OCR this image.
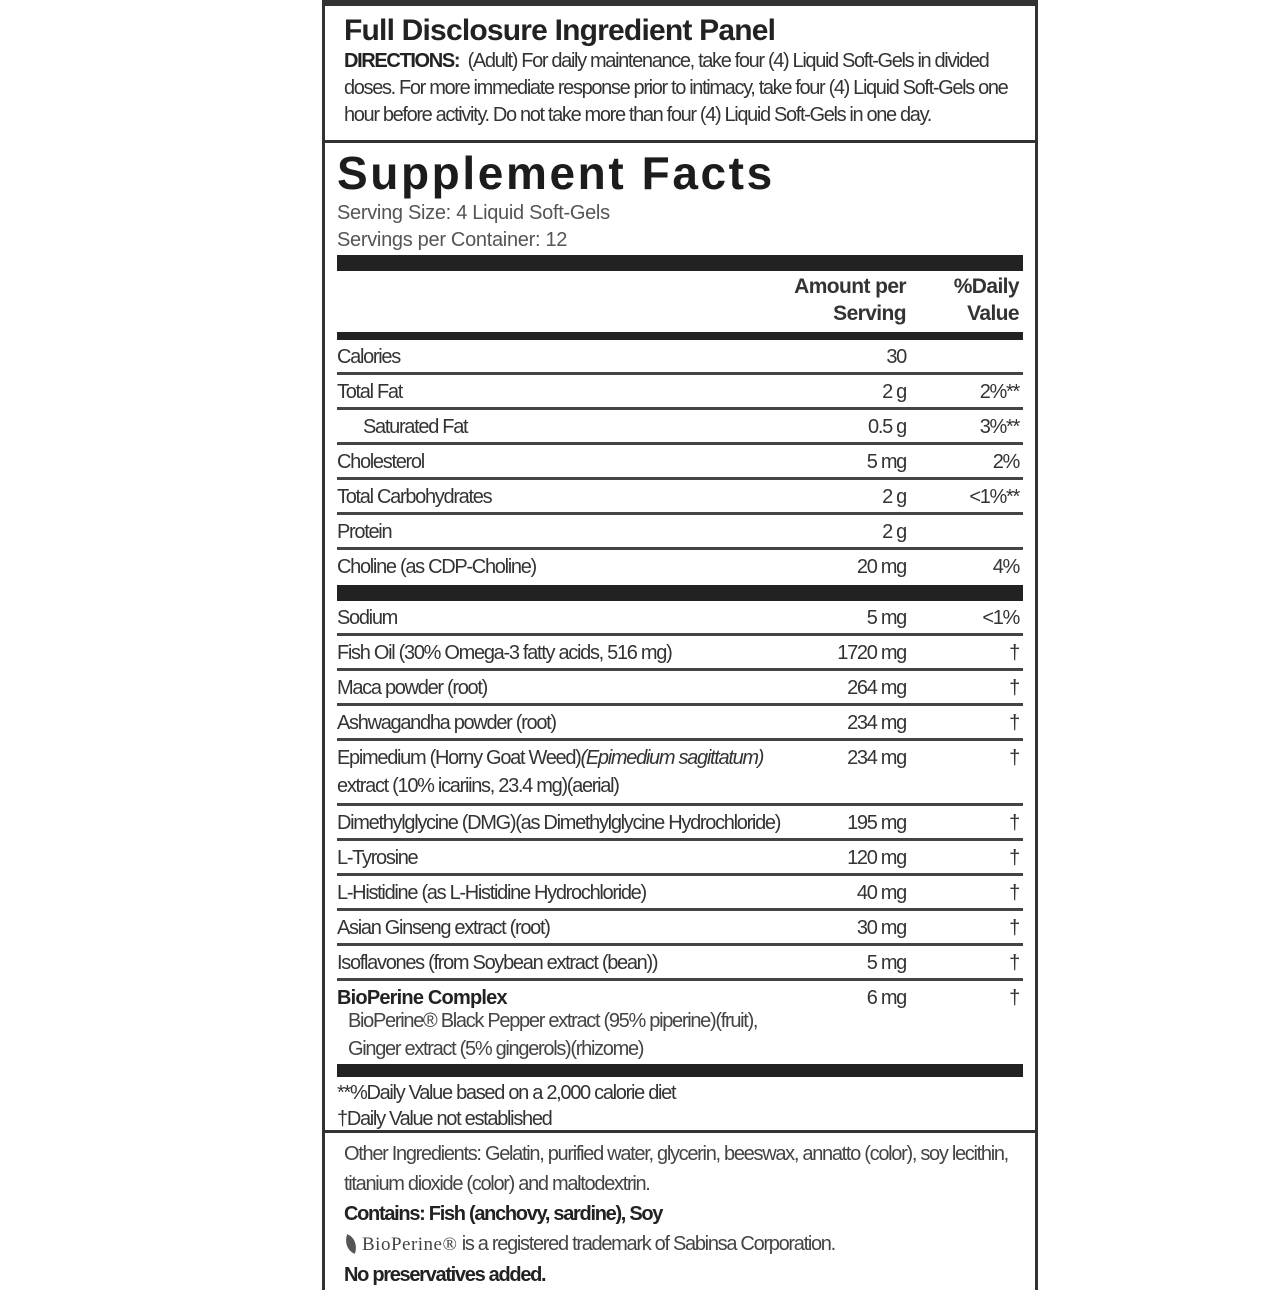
Full Disclosure Ingredient Panel
DIRECTIONS: (Adult) For daily maintenance, take four (4) Liquid Soft-Gels in divided doses. For more immediate response prior to intimacy, take four (4) Liquid Soft-Gels one hour before activity. Do not take more than four (4) Liquid Soft-Gels in one day.
Supplement Facts
Serving Size: 4 Liquid Soft-Gels
Servings per Container: 12
Amount per
Serving
%Daily
Value
Calories	30
Total Fat	2 g	2%**
Saturated Fat	0.5 g	3%**
Cholesterol	5 mg	2%
Total Carbohydrates	2 g	<1%**
Protein	2 g
Choline (as CDP-Choline)	20 mg	4%
Sodium	5 mg	<1%
Fish Oil (30% Omega-3 fatty acids, 516 mg)	1720 mg	†
Maca powder (root)	264 mg	†
Ashwagandha powder (root)	234 mg	†
Epimedium (Horny Goat Weed)(Epimedium sagittatum)
extract (10% icariins, 23.4 mg)(aerial)
234 mg	†
Dimethylglycine (DMG)(as Dimethylglycine Hydrochloride)	195 mg	†
L-Tyrosine	120 mg	†
L-Histidine (as L-Histidine Hydrochloride)	40 mg	†
Asian Ginseng extract (root)	30 mg	†
Isoflavones (from Soybean extract (bean))	5 mg	†
BioPerine Complex
BioPerine® Black Pepper extract (95% piperine)(fruit),
Ginger extract (5% gingerols)(rhizome)
6 mg	†
**%Daily Value based on a 2,000 calorie diet
†Daily Value not established
Other Ingredients: Gelatin, purified water, glycerin, beeswax, annatto (color), soy lecithin, titanium dioxide (color) and maltodextrin.
Contains: Fish (anchovy, sardine), Soy
BioPerine® is a registered trademark of Sabinsa Corporation.
No preservatives added.
